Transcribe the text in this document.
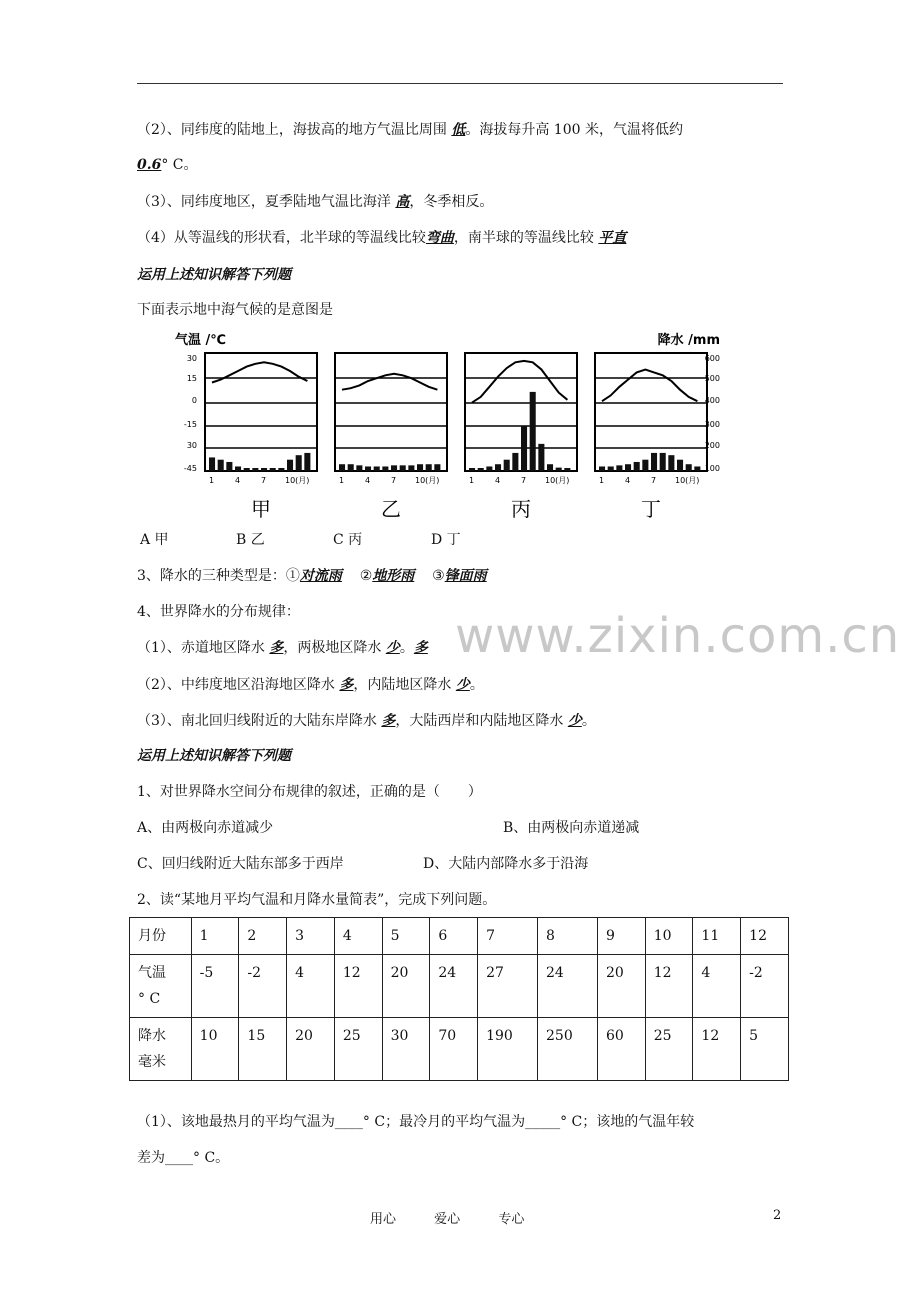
（2）、同纬度的陆地上，海拔高的地方气温比周围 低。海拔每升高 100 米，气温将低约
0.6° C。
（3）、同纬度地区，夏季陆地气温比海洋 高，冬季相反。
（4）从等温线的形状看，北半球的等温线比较弯曲，南半球的等温线比较 平直
运用上述知识解答下列题
下面表示地中海气候的是意图是
气温 /℃	降水 /mm
30
15
0
-15
30
-45
600
500
400
300
200
100
1	4	7 10(月)
甲
1	4	7 10(月)
乙
1	4	7 10(月)
丙
1	4	7 10(月)
丁
A 甲	B 乙	C 丙	D 丁
3、降水的三种类型是：①对流雨 ②地形雨 ③锋面雨
4、世界降水的分布规律：	www.zixin.com.cn
（1）、赤道地区降水 多，两极地区降水 少。多
（2）、中纬度地区沿海地区降水 多，内陆地区降水 少。
（3）、南北回归线附近的大陆东岸降水 多，大陆西岸和内陆地区降水 少。
运用上述知识解答下列题
1、对世界降水空间分布规律的叙述，正确的是（　　）
A、由两极向赤道减少	B、由两极向赤道递减
C、回归线附近大陆东部多于西岸	D、大陆内部降水多于沿海
2、读“某地月平均气温和月降水量简表”，完成下列问题。
月份	1	2	3	4	5	6	7	8	9	10	11	12

气温
° C	-5	-2	4	12	20	24	27	24	20	12	4	-2

降水
毫米	10	15	20	25	30	70	190	250	60	25	12	5
（1）、该地最热月的平均气温为____° C；最冷月的平均气温为_____° C；该地的气温年较
差为____° C。
用心	爱心	专心	2
